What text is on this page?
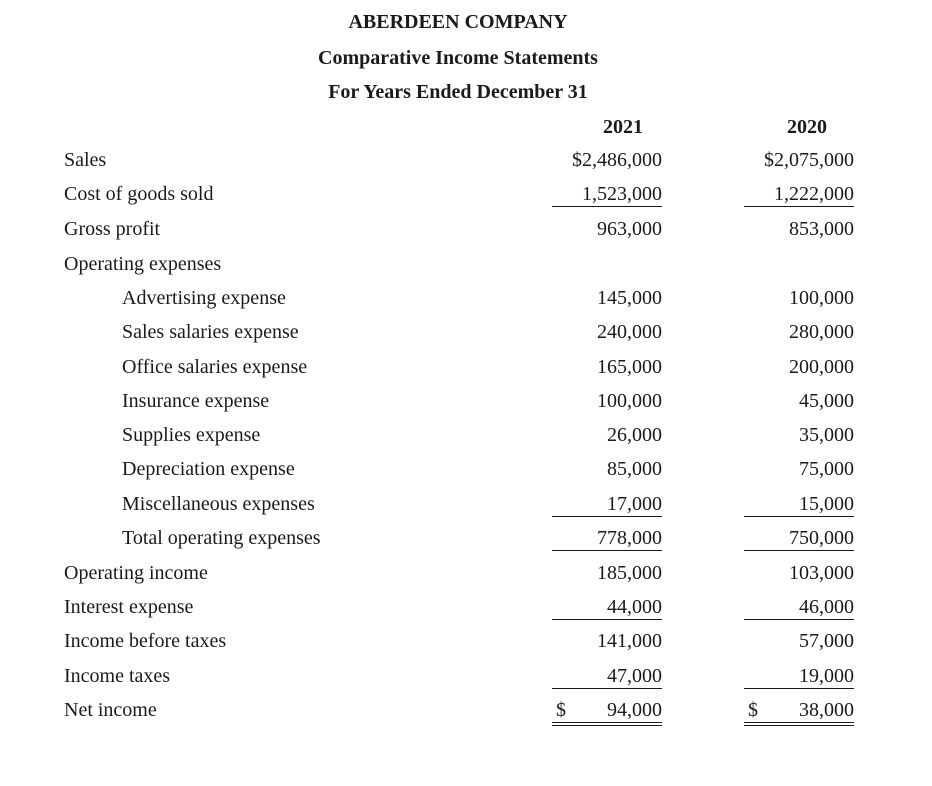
ABERDEEN COMPANY
Comparative Income Statements
For Years Ended December 31
2021	2020
Sales	$2,486,000	$2,075,000
Cost of goods sold	1,523,000	1,222,000
Gross profit	963,000	853,000
Operating expenses
Advertising expense	145,000	100,000
Sales salaries expense	240,000	280,000
Office salaries expense	165,000	200,000
Insurance expense	100,000	45,000
Supplies expense	26,000	35,000
Depreciation expense	85,000	75,000
Miscellaneous expenses	17,000	15,000
Total operating expenses	778,000	750,000
Operating income	185,000	103,000
Interest expense	44,000	46,000
Income before taxes	141,000	57,000
Income taxes	47,000	19,000
Net income	$ 94,000	$ 38,000
